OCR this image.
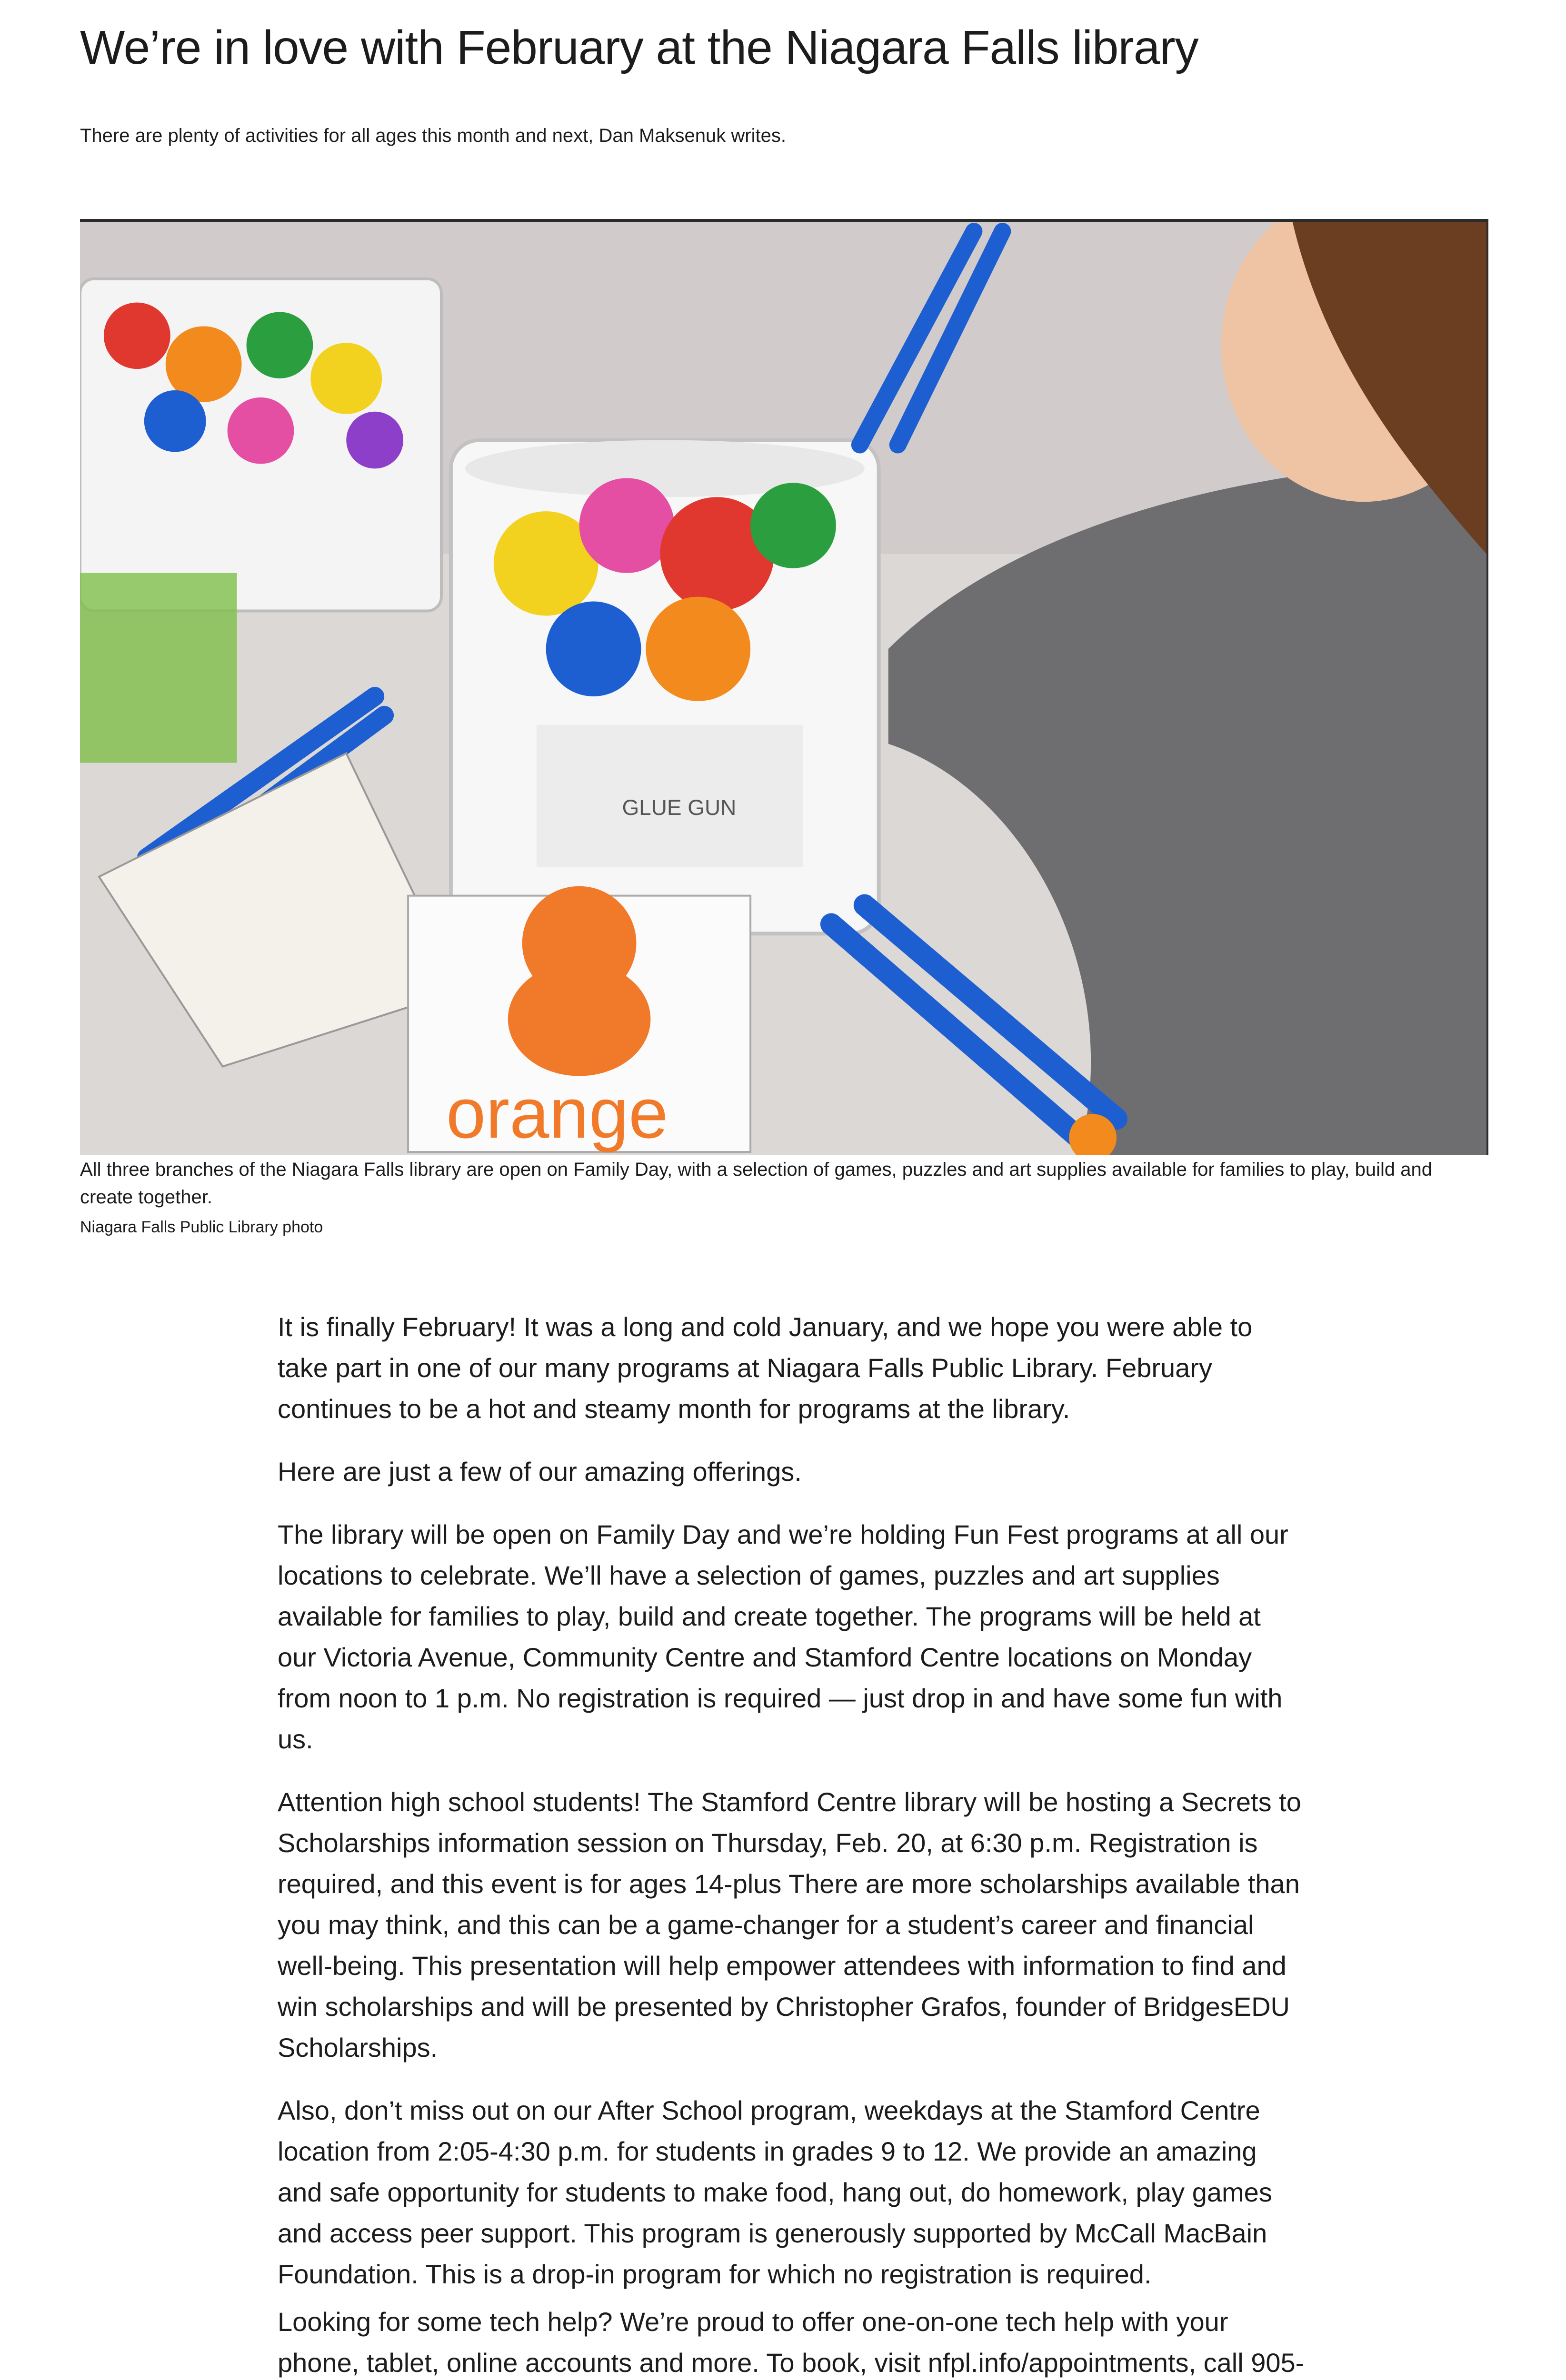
We’re in love with February at the Niagara Falls library

There are plenty of activities for all ages this month and next, Dan Maksenuk writes.

GLUE GUN
orange

All three branches of the Niagara Falls library are open on Family Day, with a selection of games, puzzles and art supplies available for families to play, build and create together.

Niagara Falls Public Library photo

It is finally February! It was a long and cold January, and we hope you were able to take part in one of our many programs at Niagara Falls Public Library. February continues to be a hot and steamy month for programs at the library.

Here are just a few of our amazing offerings.

The library will be open on Family Day and we’re holding Fun Fest programs at all our locations to celebrate. We’ll have a selection of games, puzzles and art supplies available for families to play, build and create together. The programs will be held at our Victoria Avenue, Community Centre and Stamford Centre locations on Monday from noon to 1 p.m. No registration is required — just drop in and have some fun with us.

Attention high school students! The Stamford Centre library will be hosting a Secrets to Scholarships information session on Thursday, Feb. 20, at 6:30 p.m. Registration is required, and this event is for ages 14-plus There are more scholarships available than you may think, and this can be a game-changer for a student’s career and financial well-being. This presentation will help empower attendees with information to find and win scholarships and will be presented by Christopher Grafos, founder of BridgesEDU Scholarships.

Also, don’t miss out on our After School program, weekdays at the Stamford Centre location from 2:05-4:30 p.m. for students in grades 9 to 12. We provide an amazing and safe opportunity for students to make food, hang out, do homework, play games and access peer support. This program is generously supported by McCall MacBain Foundation. This is a drop-in program for which no registration is required.

Looking for some tech help? We’re proud to offer one-on-one tech help with your phone, tablet, online accounts and more. To book, visit nfpl.info/appointments, call 905-
